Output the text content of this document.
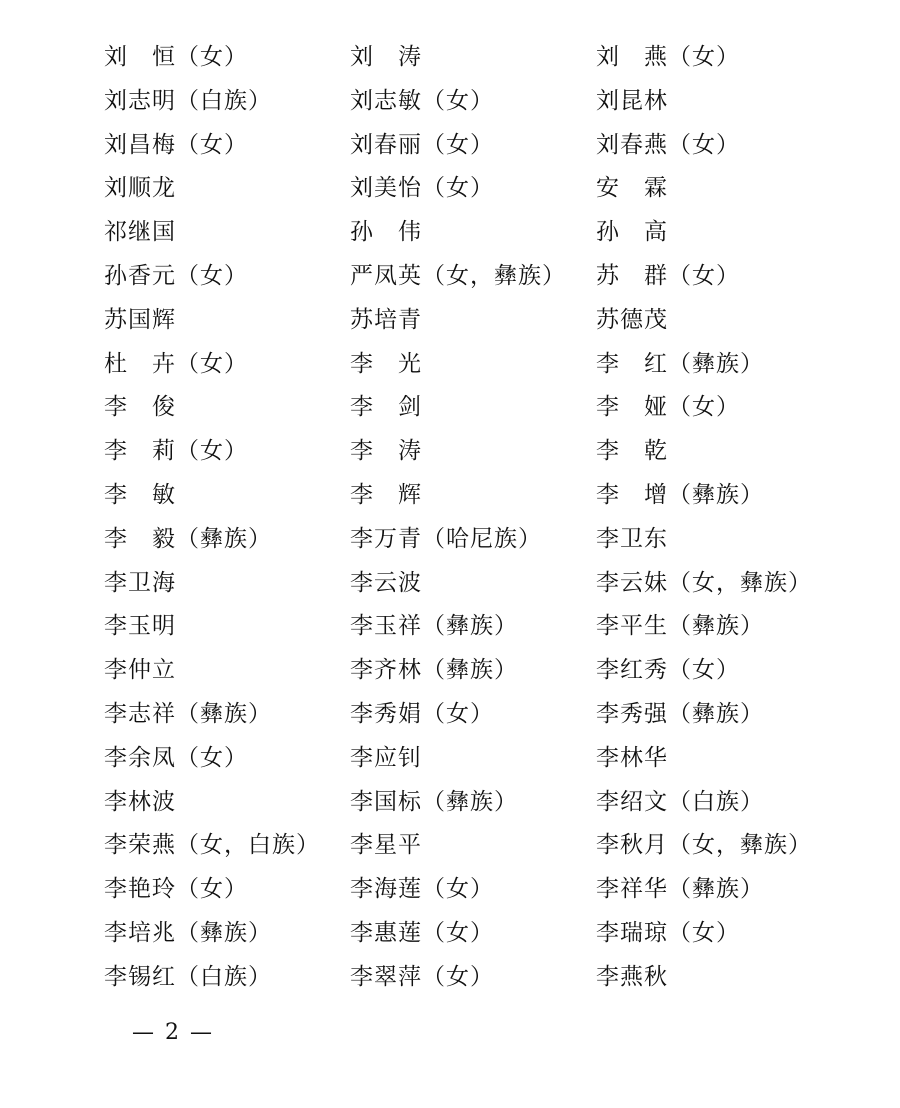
刘　恒（女）	刘　涛	刘　燕（女）
刘志明（白族）	刘志敏（女）	刘昆林
刘昌梅（女）	刘春丽（女）	刘春燕（女）
刘顺龙	刘美怡（女）	安　霖
祁继国	孙　伟	孙　高
孙香元（女）	严凤英（女，彝族）	苏　群（女）
苏国辉	苏培青	苏德茂
杜　卉（女）	李　光	李　红（彝族）
李　俊	李　剑	李　娅（女）
李　莉（女）	李　涛	李　乾
李　敏	李　辉	李　增（彝族）
李　毅（彝族）	李万青（哈尼族）	李卫东
李卫海	李云波	李云妹（女，彝族）
李玉明	李玉祥（彝族）	李平生（彝族）
李仲立	李齐林（彝族）	李红秀（女）
李志祥（彝族）	李秀娟（女）	李秀强（彝族）
李余凤（女）	李应钊	李林华
李林波	李国标（彝族）	李绍文（白族）
李荣燕（女，白族）	李星平	李秋月（女，彝族）
李艳玲（女）	李海莲（女）	李祥华（彝族）
李培兆（彝族）	李惠莲（女）	李瑞琼（女）
李锡红（白族）	李翠萍（女）	李燕秋
— 2 —
